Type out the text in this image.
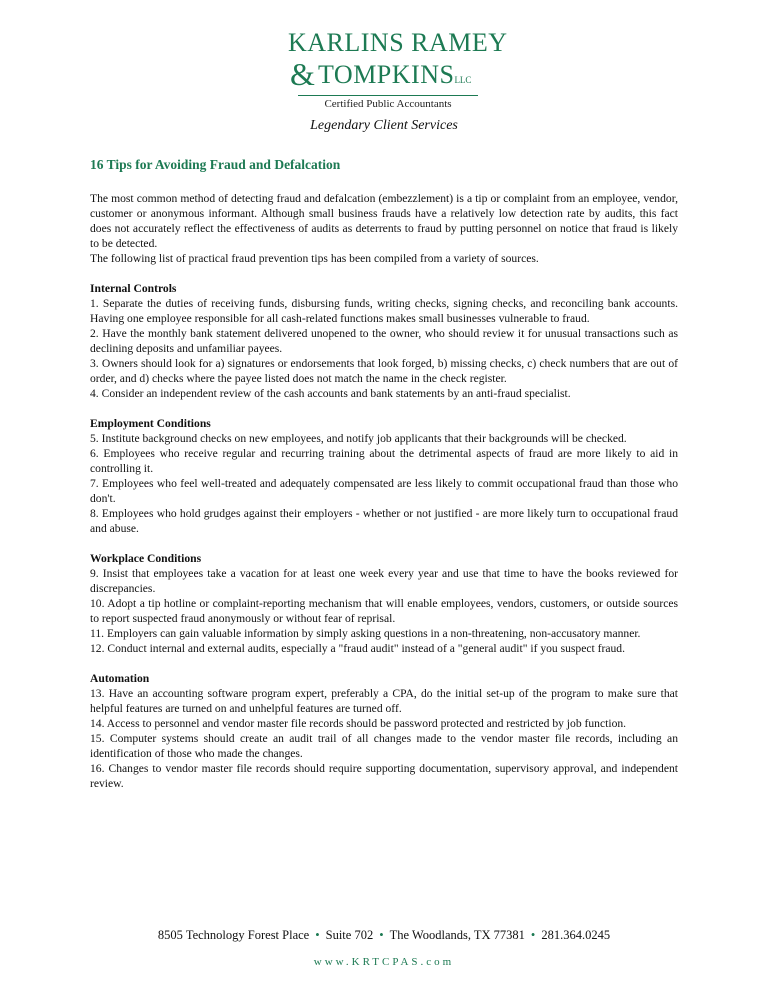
KARLINS RAMEY
& TOMPKINSLLC
Certified Public Accountants
Legendary Client Services
16 Tips for Avoiding Fraud and Defalcation

The most common method of detecting fraud and defalcation (embezzlement) is a tip or complaint from an employee, vendor, customer or anonymous informant. Although small business frauds have a relatively low detection rate by audits, this fact does not accurately reflect the effectiveness of audits as deterrents to fraud by putting personnel on notice that fraud is likely to be detected.

The following list of practical fraud prevention tips has been compiled from a variety of sources.

Internal Controls

1. Separate the duties of receiving funds, disbursing funds, writing checks, signing checks, and reconciling bank accounts. Having one employee responsible for all cash-related functions makes small businesses vulnerable to fraud.

2. Have the monthly bank statement delivered unopened to the owner, who should review it for unusual transactions such as declining deposits and unfamiliar payees.

3. Owners should look for a) signatures or endorsements that look forged, b) missing checks, c) check numbers that are out of order, and d) checks where the payee listed does not match the name in the check register.

4. Consider an independent review of the cash accounts and bank statements by an anti-fraud specialist.

Employment Conditions

5. Institute background checks on new employees, and notify job applicants that their backgrounds will be checked.

6. Employees who receive regular and recurring training about the detrimental aspects of fraud are more likely to aid in controlling it.

7. Employees who feel well-treated and adequately compensated are less likely to commit occupational fraud than those who don't.

8. Employees who hold grudges against their employers - whether or not justified - are more likely turn to occupational fraud and abuse.

Workplace Conditions

9. Insist that employees take a vacation for at least one week every year and use that time to have the books reviewed for discrepancies.

10. Adopt a tip hotline or complaint-reporting mechanism that will enable employees, vendors, customers, or outside sources to report suspected fraud anonymously or without fear of reprisal.

11. Employers can gain valuable information by simply asking questions in a non-threatening, non-accusatory manner.

12. Conduct internal and external audits, especially a "fraud audit" instead of a "general audit" if you suspect fraud.

Automation

13. Have an accounting software program expert, preferably a CPA, do the initial set-up of the program to make sure that helpful features are turned on and unhelpful features are turned off.

14. Access to personnel and vendor master file records should be password protected and restricted by job function.

15. Computer systems should create an audit trail of all changes made to the vendor master file records, including an identification of those who made the changes.

16. Changes to vendor master file records should require supporting documentation, supervisory approval, and independent review.

8505 Technology Forest Place • Suite 702 • The Woodlands, TX 77381 • 281.364.0245
www.KRTCPAS.com
